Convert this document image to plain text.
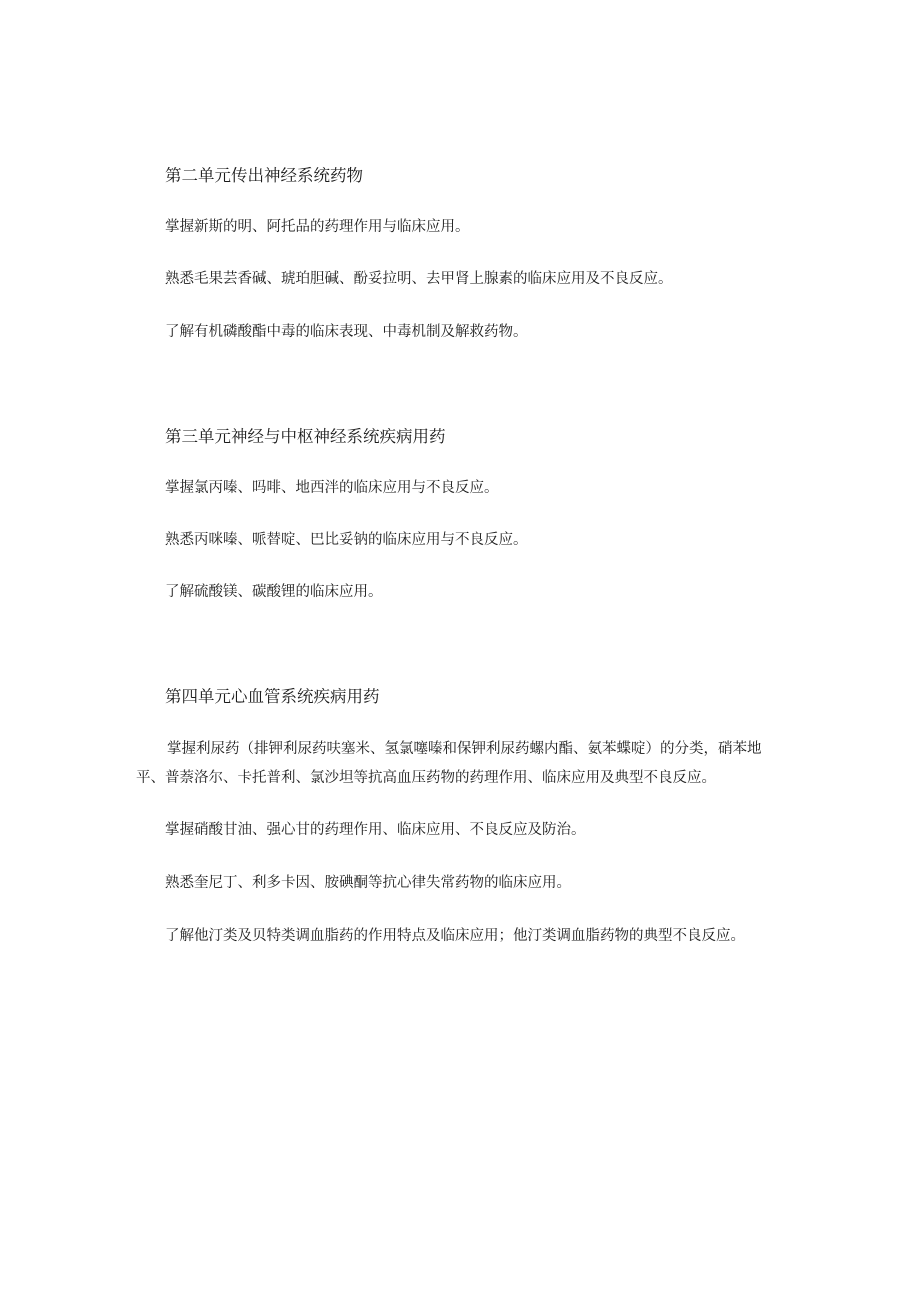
第二单元传出神经系统药物
掌握新斯的明、阿托品的药理作用与临床应用。
熟悉毛果芸香碱、琥珀胆碱、酚妥拉明、去甲肾上腺素的临床应用及不良反应。
了解有机磷酸酯中毒的临床表现、中毒机制及解救药物。
第三单元神经与中枢神经系统疾病用药
掌握氯丙嗪、吗啡、地西泮的临床应用与不良反应。
熟悉丙咪嗪、哌替啶、巴比妥钠的临床应用与不良反应。
了解硫酸镁、碳酸锂的临床应用。
第四单元心血管系统疾病用药
掌握利尿药（排钾利尿药呋塞米、氢氯噻嗪和保钾利尿药螺内酯、氨苯蝶啶）的分类，硝苯地
平、普萘洛尔、卡托普利、氯沙坦等抗高血压药物的药理作用、临床应用及典型不良反应。
掌握硝酸甘油、强心甘的药理作用、临床应用、不良反应及防治。
熟悉奎尼丁、利多卡因、胺碘酮等抗心律失常药物的临床应用。
了解他汀类及贝特类调血脂药的作用特点及临床应用；他汀类调血脂药物的典型不良反应。
